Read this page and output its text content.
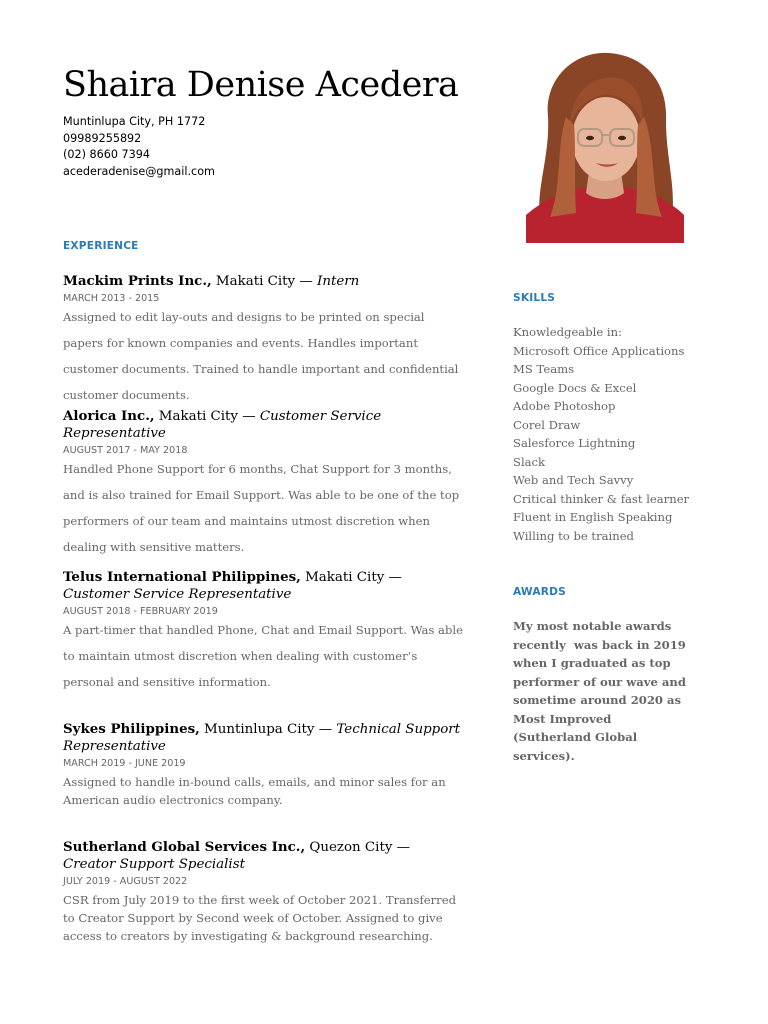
Shaira Denise Acedera
Muntinlupa City, PH 1772
09989255892
(02) 8660 7394
acederadenise@gmail.com
EXPERIENCE
Mackim Prints Inc., Makati City — Intern
MARCH 2013 - 2015
Assigned to edit lay-outs and designs to be printed on special papers for known companies and events. Handles important customer documents. Trained to handle important and confidential customer documents.
Alorica Inc., Makati City — Customer Service Representative
AUGUST 2017 - MAY 2018
Handled Phone Support for 6 months, Chat Support for 3 months, and is also trained for Email Support. Was able to be one of the top performers of our team and maintains utmost discretion when dealing with sensitive matters.
Telus International Philippines, Makati City — Customer Service Representative
AUGUST 2018 - FEBRUARY 2019
A part-timer that handled Phone, Chat and Email Support. Was able to maintain utmost discretion when dealing with customer’s personal and sensitive information.
Sykes Philippines, Muntinlupa City — Technical Support Representative
MARCH 2019 - JUNE 2019
Assigned to handle in-bound calls, emails, and minor sales for an American audio electronics company.
Sutherland Global Services Inc., Quezon City — Creator Support Specialist
JULY 2019 - AUGUST 2022
CSR from July 2019 to the first week of October 2021. Transferred to Creator Support by Second week of October. Assigned to give access to creators by investigating & background researching.
SKILLS
Knowledgeable in:
Microsoft Office Applications
MS Teams
Google Docs & Excel
Adobe Photoshop
Corel Draw
Salesforce Lightning
Slack
Web and Tech Savvy
Critical thinker & fast learner
Fluent in English Speaking
Willing to be trained
AWARDS
My most notable awards recently  was back in 2019 when I graduated as top performer of our wave and sometime around 2020 as Most Improved (Sutherland Global services).
